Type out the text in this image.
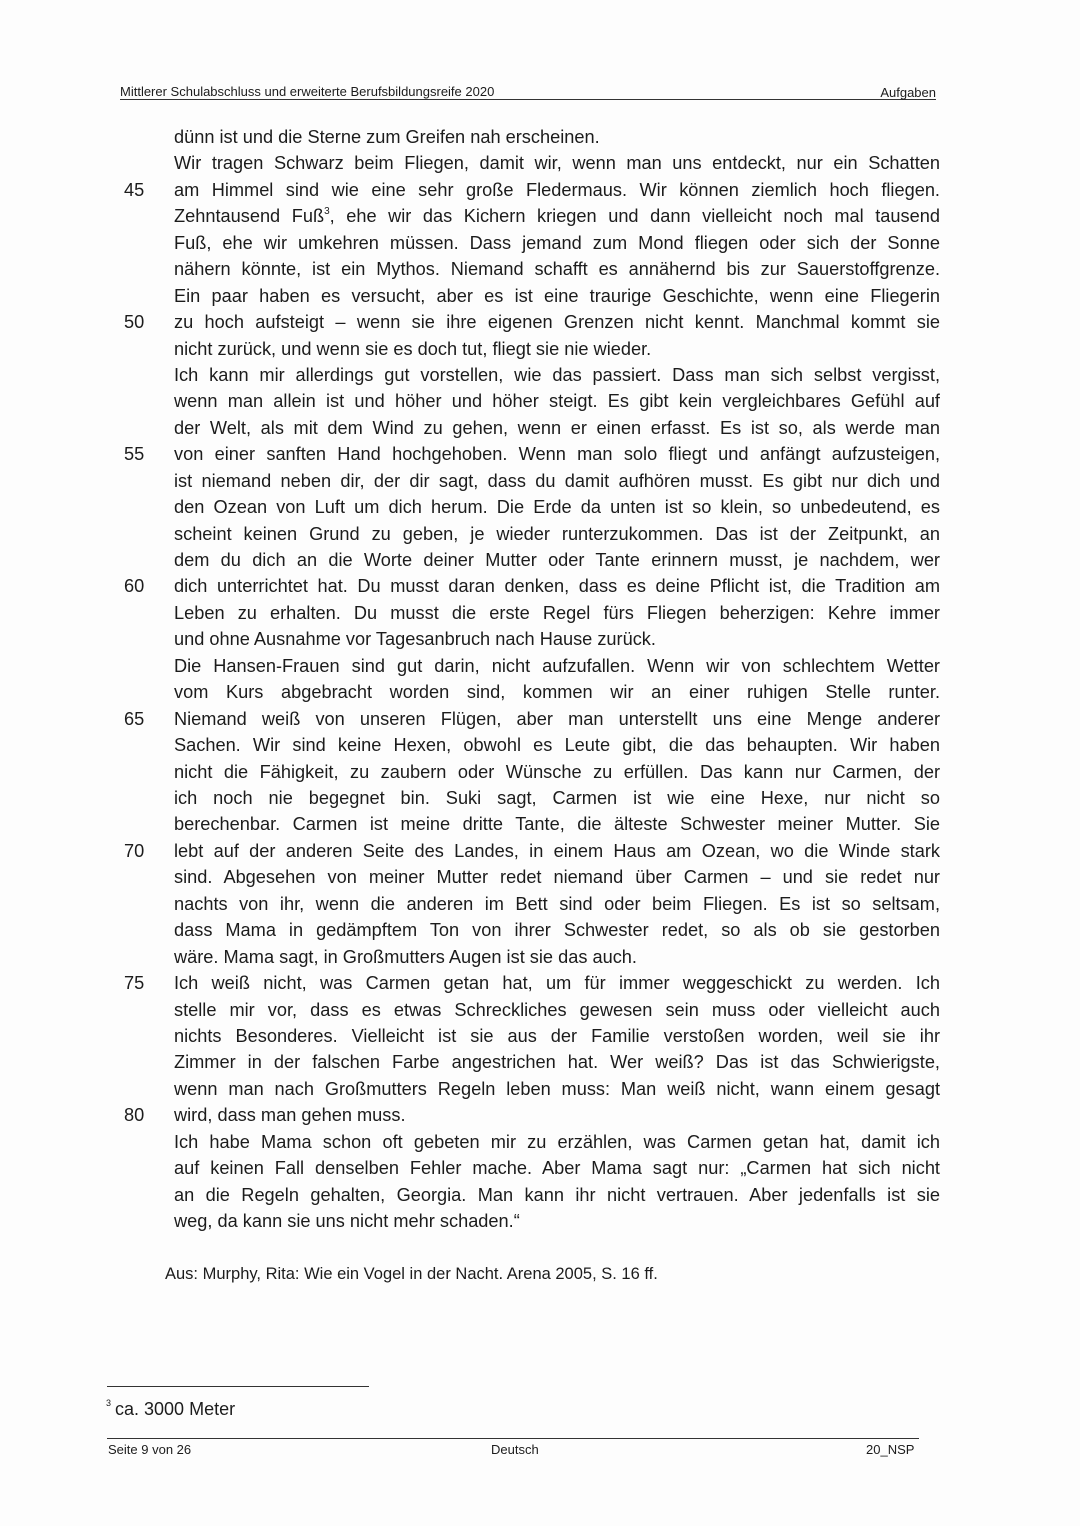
Mittlerer Schulabschluss und erweiterte Berufsbildungsreife 2020	Aufgaben
dünn ist und die Sterne zum Greifen nah erscheinen.
Wir tragen Schwarz beim Fliegen, damit wir, wenn man uns entdeckt, nur ein Schatten
45	am Himmel sind wie eine sehr große Fledermaus. Wir können ziemlich hoch fliegen.
Zehntausend Fuß$^3$, ehe wir das Kichern kriegen und dann vielleicht noch mal tausend
Fuß, ehe wir umkehren müssen. Dass jemand zum Mond fliegen oder sich der Sonne
nähern könnte, ist ein Mythos. Niemand schafft es annähernd bis zur Sauerstoffgrenze.
Ein paar haben es versucht, aber es ist eine traurige Geschichte, wenn eine Fliegerin
50	zu hoch aufsteigt – wenn sie ihre eigenen Grenzen nicht kennt. Manchmal kommt sie
nicht zurück, und wenn sie es doch tut, fliegt sie nie wieder.
Ich kann mir allerdings gut vorstellen, wie das passiert. Dass man sich selbst vergisst,
wenn man allein ist und höher und höher steigt. Es gibt kein vergleichbares Gefühl auf
der Welt, als mit dem Wind zu gehen, wenn er einen erfasst. Es ist so, als werde man
55	von einer sanften Hand hochgehoben. Wenn man solo fliegt und anfängt aufzusteigen,
ist niemand neben dir, der dir sagt, dass du damit aufhören musst. Es gibt nur dich und
den Ozean von Luft um dich herum. Die Erde da unten ist so klein, so unbedeutend, es
scheint keinen Grund zu geben, je wieder runterzukommen. Das ist der Zeitpunkt, an
dem du dich an die Worte deiner Mutter oder Tante erinnern musst, je nachdem, wer
60	dich unterrichtet hat. Du musst daran denken, dass es deine Pflicht ist, die Tradition am
Leben zu erhalten. Du musst die erste Regel fürs Fliegen beherzigen: Kehre immer
und ohne Ausnahme vor Tagesanbruch nach Hause zurück.
Die Hansen-Frauen sind gut darin, nicht aufzufallen. Wenn wir von schlechtem Wetter
vom Kurs abgebracht worden sind, kommen wir an einer ruhigen Stelle runter.
65	Niemand weiß von unseren Flügen, aber man unterstellt uns eine Menge anderer
Sachen. Wir sind keine Hexen, obwohl es Leute gibt, die das behaupten. Wir haben
nicht die Fähigkeit, zu zaubern oder Wünsche zu erfüllen. Das kann nur Carmen, der
ich noch nie begegnet bin. Suki sagt, Carmen ist wie eine Hexe, nur nicht so
berechenbar. Carmen ist meine dritte Tante, die älteste Schwester meiner Mutter. Sie
70	lebt auf der anderen Seite des Landes, in einem Haus am Ozean, wo die Winde stark
sind. Abgesehen von meiner Mutter redet niemand über Carmen – und sie redet nur
nachts von ihr, wenn die anderen im Bett sind oder beim Fliegen. Es ist so seltsam,
dass Mama in gedämpftem Ton von ihrer Schwester redet, so als ob sie gestorben
wäre. Mama sagt, in Großmutters Augen ist sie das auch.
75	Ich weiß nicht, was Carmen getan hat, um für immer weggeschickt zu werden. Ich
stelle mir vor, dass es etwas Schreckliches gewesen sein muss oder vielleicht auch
nichts Besonderes. Vielleicht ist sie aus der Familie verstoßen worden, weil sie ihr
Zimmer in der falschen Farbe angestrichen hat. Wer weiß? Das ist das Schwierigste,
wenn man nach Großmutters Regeln leben muss: Man weiß nicht, wann einem gesagt
80	wird, dass man gehen muss.
Ich habe Mama schon oft gebeten mir zu erzählen, was Carmen getan hat, damit ich
auf keinen Fall denselben Fehler mache. Aber Mama sagt nur: „Carmen hat sich nicht
an die Regeln gehalten, Georgia. Man kann ihr nicht vertrauen. Aber jedenfalls ist sie
weg, da kann sie uns nicht mehr schaden.“
Aus: Murphy, Rita: Wie ein Vogel in der Nacht. Arena 2005, S. 16 ff.
$^3$ ca. 3000 Meter
Seite 9 von 26	Deutsch	20_NSP
